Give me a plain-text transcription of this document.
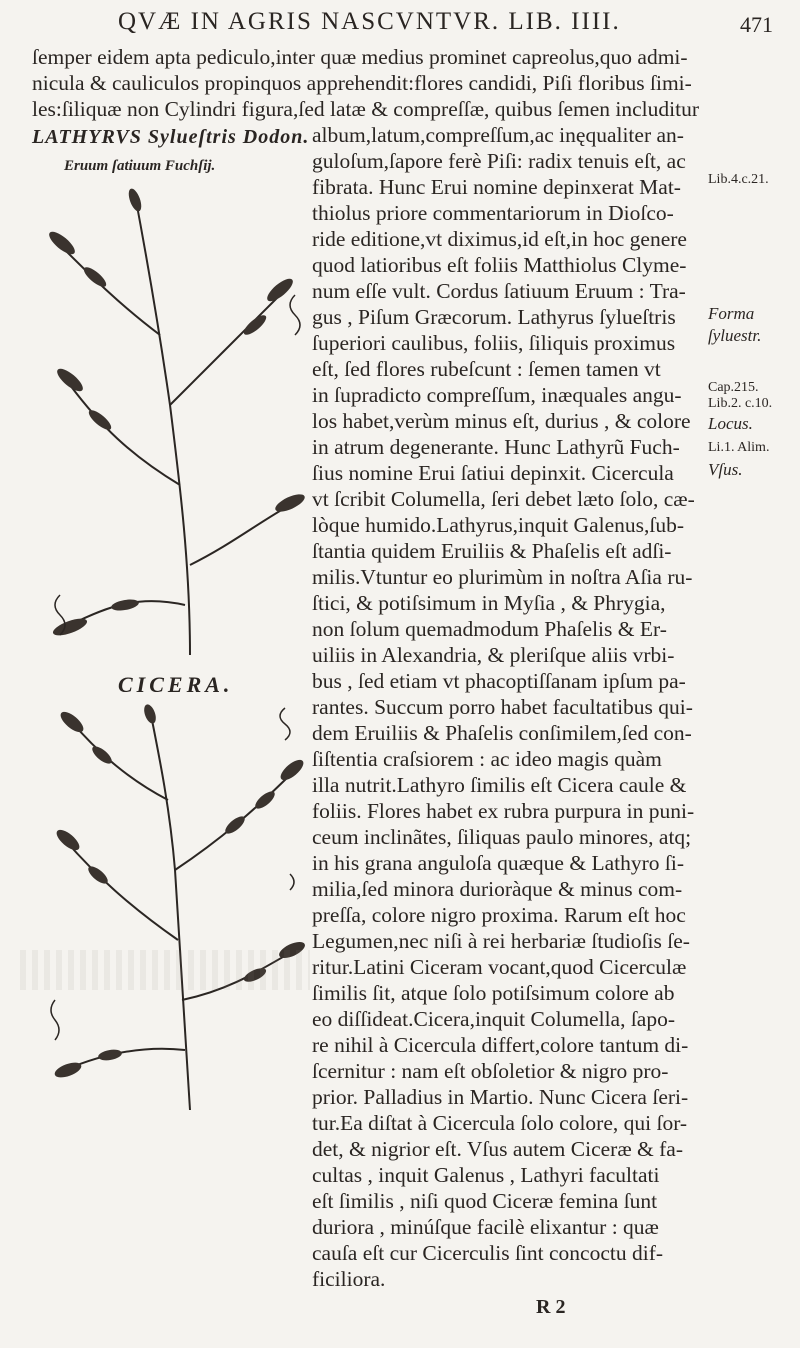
QVÆ IN AGRIS NASCVNTVR. LIB. IIII.	471
LATHYRVS Sylueſtris Dodon.
Eruum ſatiuum Fuchſij.
CICERA.
ſemper eidem apta pediculo,inter quæ medius prominet capreolus,quo admi-
nicula & cauliculos propinquos apprehendit:flores candidi, Piſi floribus ſimi-
les:ſiliquæ non Cylindri figura,ſed latæ & compreſſæ, quibus ſemen includitur
album,latum,compreſſum,ac inęqualiter an-
guloſum,ſapore ferè Piſi: radix tenuis eſt, ac
fibrata. Hunc Erui nomine depinxerat Mat-
thiolus priore commentariorum in Dioſco-
ride editione,vt diximus,id eſt,in hoc genere
quod latioribus eſt foliis Matthiolus Clyme-
num eſſe vult. Cordus ſatiuum Eruum : Tra-
gus , Piſum Græcorum. Lathyrus ſylueſtris
ſuperiori caulibus, foliis, ſiliquis proximus
eſt, ſed flores rubeſcunt : ſemen tamen vt
in ſupradicto compreſſum, inæquales angu-
los habet,verùm minus eſt, durius , & colore
in atrum degenerante. Hunc Lathyrũ Fuch-
ſius nomine Erui ſatiui depinxit. Cicercula
vt ſcribit Columella, ſeri debet læto ſolo, cæ-
lòque humido.Lathyrus,inquit Galenus,ſub-
ſtantia quidem Eruiliis & Phaſelis eſt adſi-
milis.Vtuntur eo plurimùm in noſtra Aſia ru-
ſtici, & potiſsimum in Myſia , & Phrygia,
non ſolum quemadmodum Phaſelis & Er-
uiliis in Alexandria, & pleriſque aliis vrbi-
bus , ſed etiam vt phacoptiſſanam ipſum pa-
rantes. Succum porro habet facultatibus qui-
dem Eruiliis & Phaſelis conſimilem,ſed con-
ſiſtentia craſsiorem : ac ideo magis quàm
illa nutrit.Lathyro ſimilis eſt Cicera caule &
foliis. Flores habet ex rubra purpura in puni-
ceum inclinãtes, ſiliquas paulo minores, atq;
in his grana anguloſa quæque & Lathyro ſi-
milia,ſed minora durioràque & minus com-
preſſa, colore nigro proxima. Rarum eſt hoc
Legumen,nec niſi à rei herbariæ ſtudioſis ſe-
ritur.Latini Ciceram vocant,quod Cicerculæ
ſimilis ſit, atque ſolo potiſsimum colore ab
eo diſſideat.Cicera,inquit Columella, ſapo-
re nihil à Cicercula differt,colore tantum di-
ſcernitur : nam eſt obſoletior & nigro pro-
prior. Palladius in Martio. Nunc Cicera ſeri-
tur.Ea diſtat à Cicercula ſolo colore, qui ſor-
det, & nigrior eſt. Vſus autem Ciceræ & fa-
cultas , inquit Galenus , Lathyri facultati
eſt ſimilis , niſi quod Ciceræ femina ſunt
duriora , minúſque facilè elixantur : quæ
cauſa eſt cur Cicerculis ſint concoctu dif-
ficiliora.
Lib.4.c.21.
Forma
ſyluestr.
Cap.215.
Lib.2. c.10.
Locus.
Li.1. Alim.
Vſus.
R 2
